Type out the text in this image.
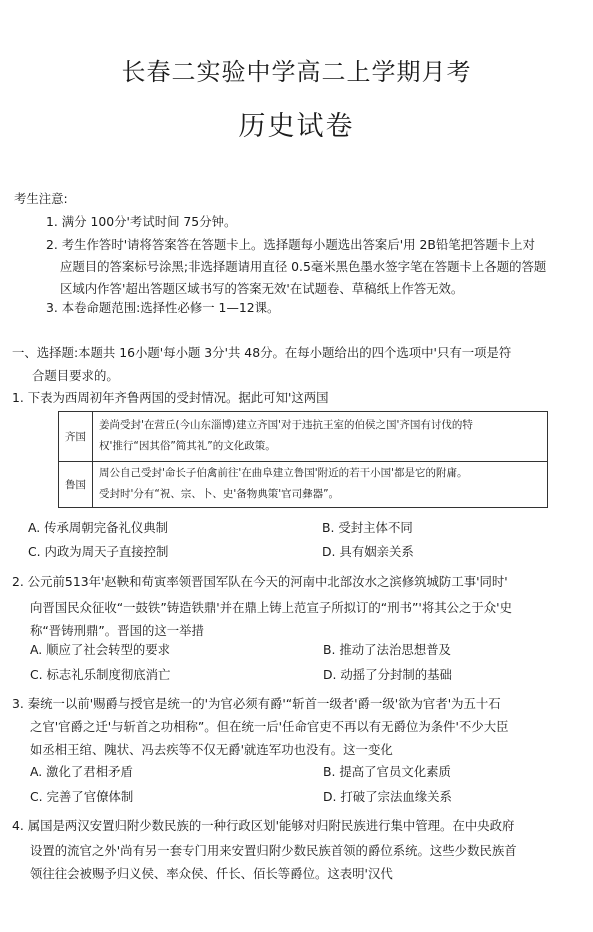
长春二实验中学高二上学期月考
历史试卷
考生注意:
1. 满分 100分'考试时间 75分钟。
2. 考生作答时'请将答案答在答题卡上。选择题每小题选出答案后'用 2B铅笔把答题卡上对
应题目的答案标号涂黑;非选择题请用直径 0.5毫米黑色墨水签字笔在答题卡上各题的答题
区域内作答'超出答题区域书写的答案无效'在试题卷、草稿纸上作答无效。
3. 本卷命题范围:选择性必修一 1—12课。
一、选择题:本题共 16小题'每小题 3分'共 48分。在每小题给出的四个选项中'只有一项是符
合题目要求的。
1. 下表为西周初年齐鲁两国的受封情况。据此可知'这两国
齐国
姜尚受封'在营丘(今山东淄博)建立齐国'对于违抗王室的伯侯之国'齐国有讨伐的特
权'推行“因其俗”简其礼”的文化政策。
鲁国
周公自己受封'命长子伯禽前往'在曲阜建立鲁国'附近的若干小国'都是它的附庸。
受封时'分有“祝、宗、卜、史'备物典策'官司彝器”。
A. 传承周朝完备礼仪典制	B. 受封主体不同
C. 内政为周天子直接控制	D. 具有姻亲关系
2. 公元前513年'赵鞅和荀寅率领晋国军队在今天的河南中北部汝水之滨修筑城防工事'同时'
向晋国民众征收“一鼓铁”铸造铁鼎'并在鼎上铸上范宣子所拟订的“刑书”'将其公之于众'史
称“晋铸刑鼎”。晋国的这一举措
A. 顺应了社会转型的要求	B. 推动了法治思想普及
C. 标志礼乐制度彻底消亡	D. 动摇了分封制的基础
3. 秦统一以前'赐爵与授官是统一的'为官必须有爵'“斩首一级者'爵一级'欲为官者'为五十石
之官'官爵之迁'与斩首之功相称”。但在统一后'任命官吏不再以有无爵位为条件'不少大臣
如丞相王绾、隗状、冯去疾等不仅无爵'就连军功也没有。这一变化
A. 激化了君相矛盾	B. 提高了官员文化素质
C. 完善了官僚体制	D. 打破了宗法血缘关系
4. 属国是两汉安置归附少数民族的一种行政区划'能够对归附民族进行集中管理。在中央政府
设置的流官之外'尚有另一套专门用来安置归附少数民族首领的爵位系统。这些少数民族首
领往往会被赐予归义侯、率众侯、仟长、佰长等爵位。这表明'汉代
